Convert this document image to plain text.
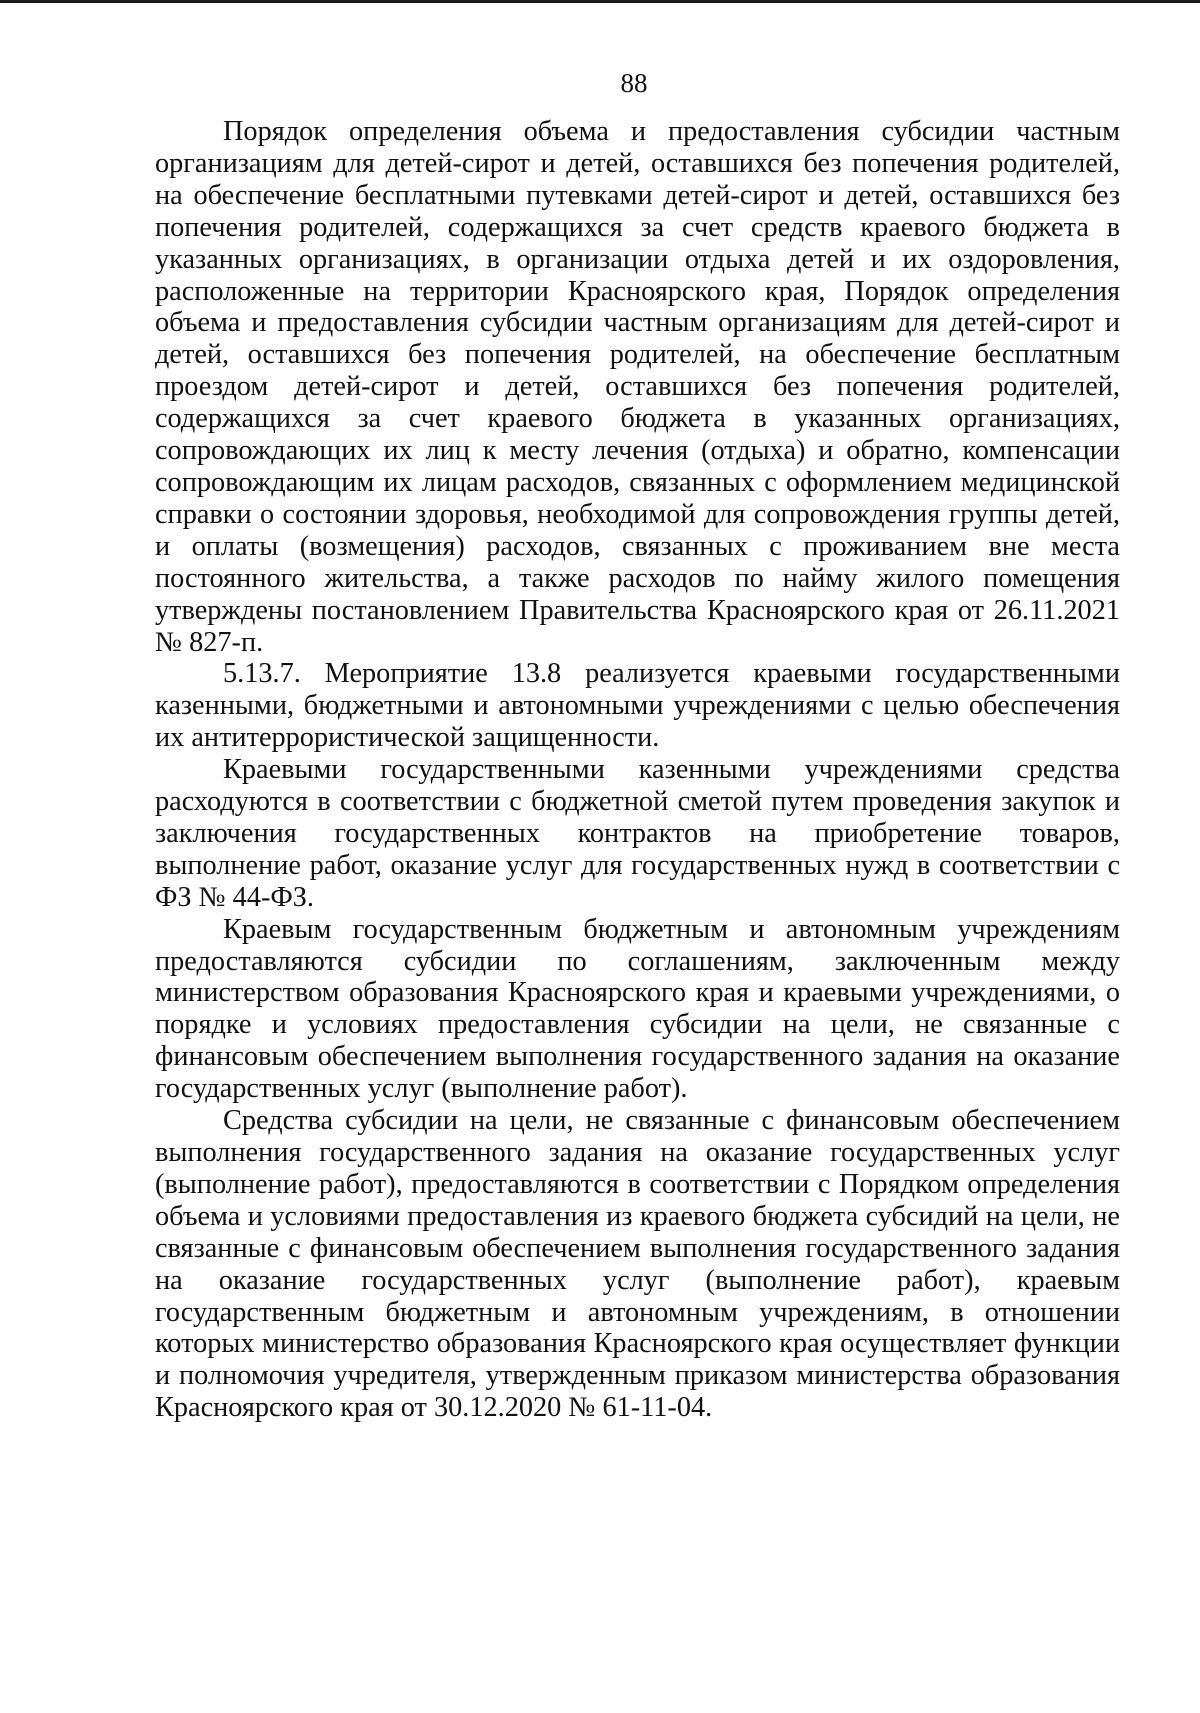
88

Порядок определения объема и предоставления субсидии частным организациям для детей-сирот и детей, оставшихся без попечения родителей, на обеспечение бесплатными путевками детей-сирот и детей, оставшихся без попечения родителей, содержащихся за счет средств краевого бюджета в указанных организациях, в организации отдыха детей и их оздоровления, расположенные на территории Красноярского края, Порядок определения объема и предоставления субсидии частным организациям для детей-сирот и детей, оставшихся без попечения родителей, на обеспечение бесплатным проездом детей-сирот и детей, оставшихся без попечения родителей, содержащихся за счет краевого бюджета в указанных организациях, сопровождающих их лиц к месту лечения (отдыха) и обратно, компенсации сопровождающим их лицам расходов, связанных с оформлением медицинской справки о состоянии здоровья, необходимой для сопровождения группы детей, и оплаты (возмещения) расходов, связанных с проживанием вне места постоянного жительства, а также расходов по найму жилого помещения утверждены постановлением Правительства Красноярского края от 26.11.2021 № 827-п.

5.13.7. Мероприятие 13.8 реализуется краевыми государственными казенными, бюджетными и автономными учреждениями с целью обеспечения их антитеррористической защищенности.

Краевыми государственными казенными учреждениями средства расходуются в соответствии с бюджетной сметой путем проведения закупок и заключения государственных контрактов на приобретение товаров, выполнение работ, оказание услуг для государственных нужд в соответствии с ФЗ № 44-ФЗ.

Краевым государственным бюджетным и автономным учреждениям предоставляются субсидии по соглашениям, заключенным между министерством образования Красноярского края и краевыми учреждениями, о порядке и условиях предоставления субсидии на цели, не связанные с финансовым обеспечением выполнения государственного задания на оказание государственных услуг (выполнение работ).

Средства субсидии на цели, не связанные с финансовым обеспечением выполнения государственного задания на оказание государственных услуг (выполнение работ), предоставляются в соответствии с Порядком определения объема и условиями предоставления из краевого бюджета субсидий на цели, не связанные с финансовым обеспечением выполнения государственного задания на оказание государственных услуг (выполнение работ), краевым государственным бюджетным и автономным учреждениям, в отношении которых министерство образования Красноярского края осуществляет функции и полномочия учредителя, утвержденным приказом министерства образования Красноярского края от 30.12.2020 № 61-11-04.
